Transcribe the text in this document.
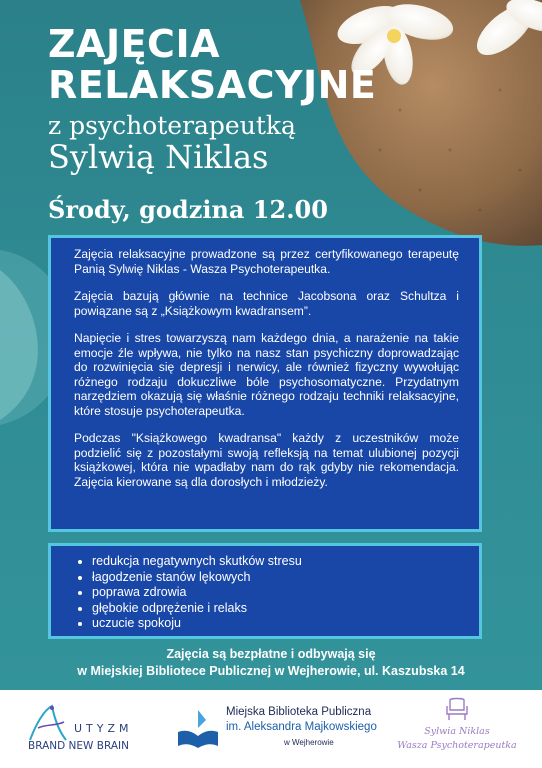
ZAJĘCIA
RELAKSACYJNE
z psychoterapeutką
Sylwią Niklas
Środy, godzina 12.00

Zajęcia relaksacyjne prowadzone są przez certyfikowanego terapeutę Panią Sylwię Niklas - Wasza Psychoterapeutka.

Zajęcia bazują głównie na technice Jacobsona oraz Schultza i powiązane są z „Książkowym kwadransem”.

Napięcie i stres towarzyszą nam każdego dnia, a narażenie na takie emocje źle wpływa, nie tylko na nasz stan psychiczny doprowadzając do rozwinięcia się depresji i nerwicy, ale również fizyczny wywołując różnego rodzaju dokuczliwe bóle psychosomatyczne. Przydatnym narzędziem okazują się właśnie różnego rodzaju techniki relaksacyjne, które stosuje psychoterapeutka.

Podczas "Książkowego kwadransa" każdy z uczestników może podzielić się z pozostałymi swoją refleksją na temat ulubionej pozycji książkowej, która nie wpadłaby nam do rąk gdyby nie rekomendacja. Zajęcia kierowane są dla dorosłych i młodzieży.

• redukcja negatywnych skutków stresu
• łagodzenie stanów lękowych
• poprawa zdrowia
• głębokie odprężenie i relaks
• uczucie spokoju
Zajęcia są bezpłatne i odbywają się
w Miejskiej Bibliotece Publicznej w Wejherowie, ul. Kaszubska 14
UTYZM
BRAND NEW BRAIN
Miejska Biblioteka Publiczna
im. Aleksandra Majkowskiego
w Wejherowie
Sylwia Niklas
Wasza Psychoterapeutka
